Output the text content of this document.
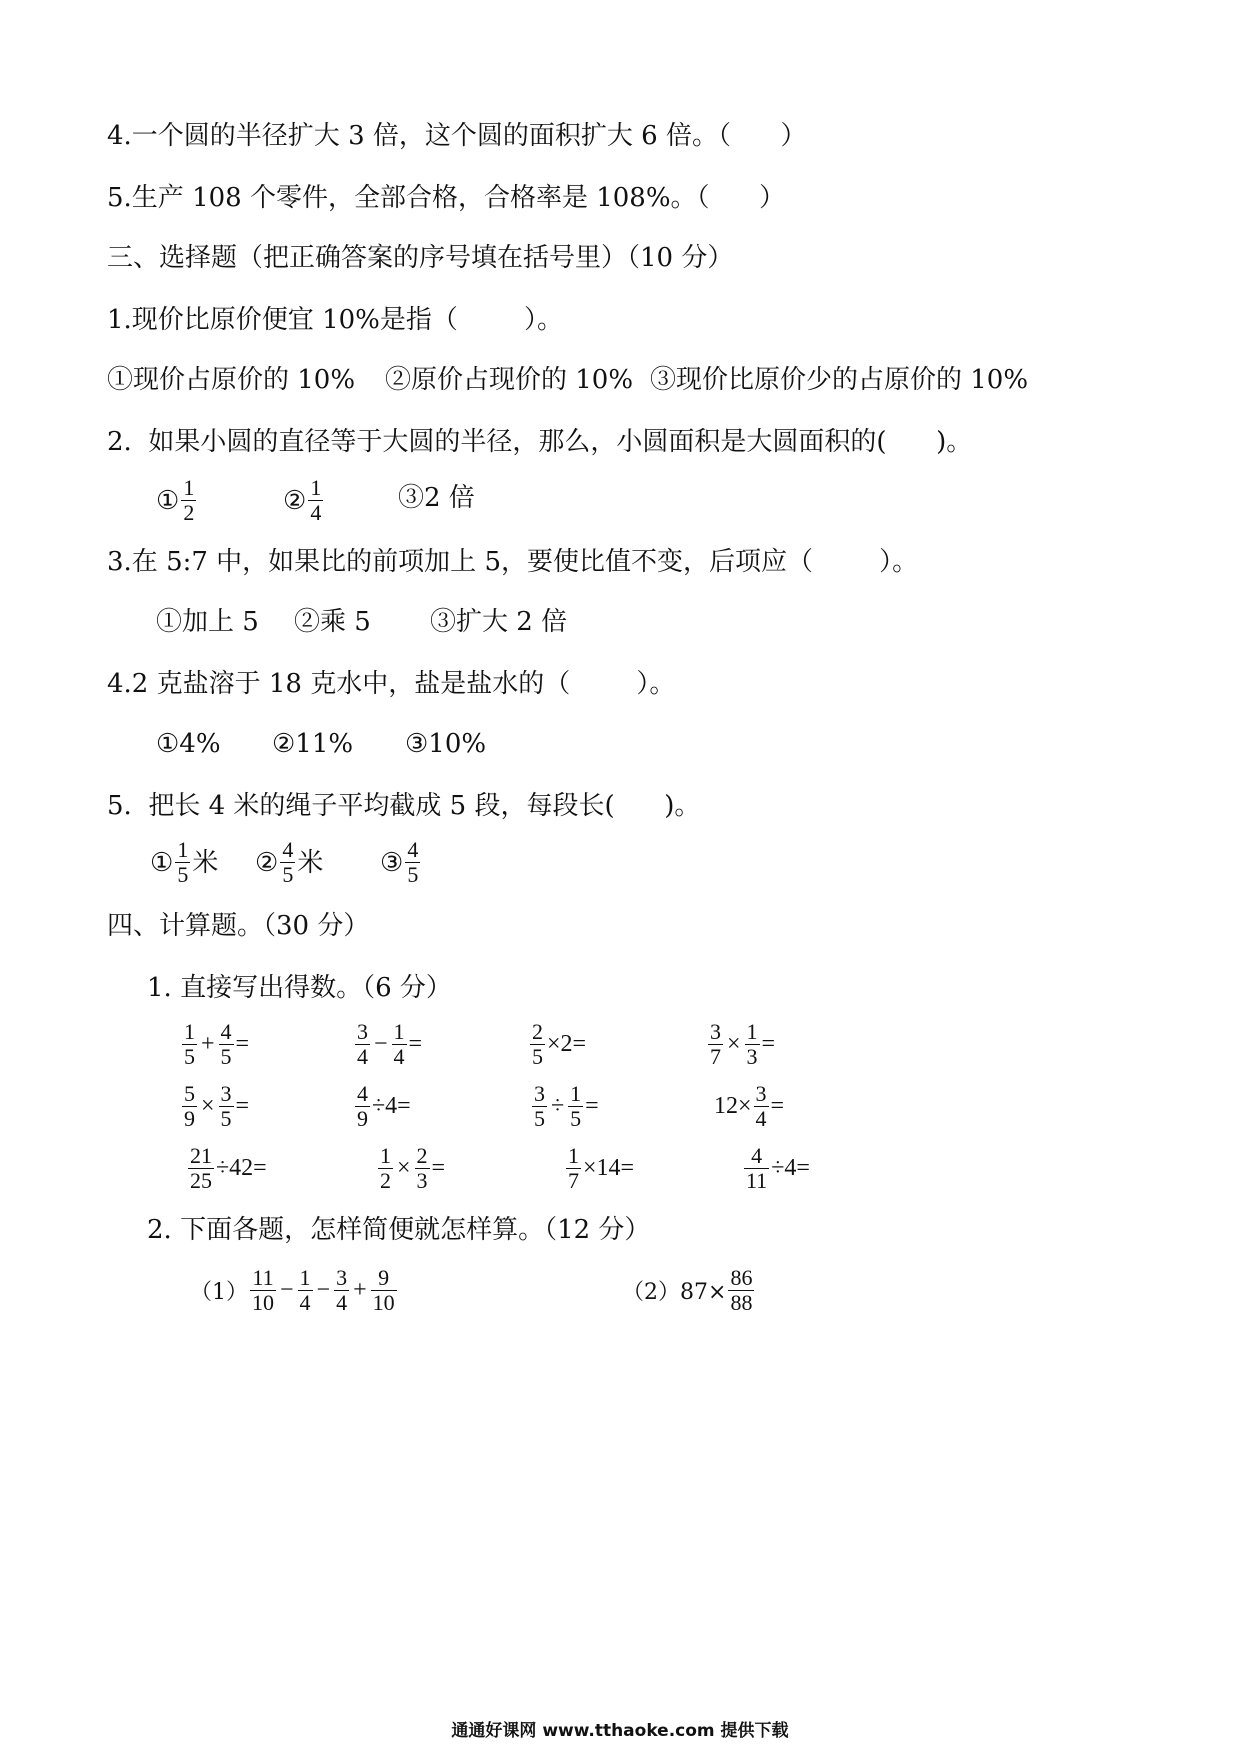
4.一个圆的半径扩大 3 倍，这个圆的面积扩大 6 倍。（      ）
5.生产 108 个零件，全部合格，合格率是 108%。（      ）
三、选择题（把正确答案的序号填在括号里）（10 分）
1.现价比原价便宜 10%是指（        ）。
①现价占原价的 10% ②原价占现价的 10% ③现价比原价少的占原价的 10%
2.  如果小圆的直径等于大圆的半径，那么，小圆面积是大圆面积的(      )。
① $\frac{1}{2}$	② $\frac{1}{4}$	③2 倍
3.在 5:7 中，如果比的前项加上 5，要使比值不变，后项应（        ）。
①加上 5 ②乘 5 ③扩大 2 倍
4.2 克盐溶于 18 克水中，盐是盐水的（        ）。
①4% ②11% ③10%
5.  把长 4 米的绳子平均截成 5 段，每段长(      )。
① $\frac{1}{5}$ 米 ② $\frac{4}{5}$ 米 ③ $\frac{4}{5}$
四、计算题。（30 分）
1. 直接写出得数。（6 分）
$\frac{1}{5} + \frac{4}{5}$ =	$\frac{3}{4} - \frac{1}{4}$ =	$\frac{2}{5} \times 2=$	$\frac{3}{7} \times \frac{1}{3}$ =
$\frac{5}{9} \times \frac{3}{5}$ =	$\frac{4}{9} \div 4=$	$\frac{3}{5} \div \frac{1}{5}$ =	$12\times \frac{3}{4}$ =
$\frac{21}{25} \div 42=$	$\frac{1}{2} \times \frac{2}{3}$ =	$\frac{1}{7} \times 14=$	$\frac{4}{11} \div 4=$
2. 下面各题，怎样简便就怎样算。（12 分）
$(1) \frac{11}{10} - \frac{1}{4} - \frac{3}{4} + \frac{9}{10}$	$(2)87\times \frac{86}{88}$
通通好课网 www.tthaoke.com 提供下载
